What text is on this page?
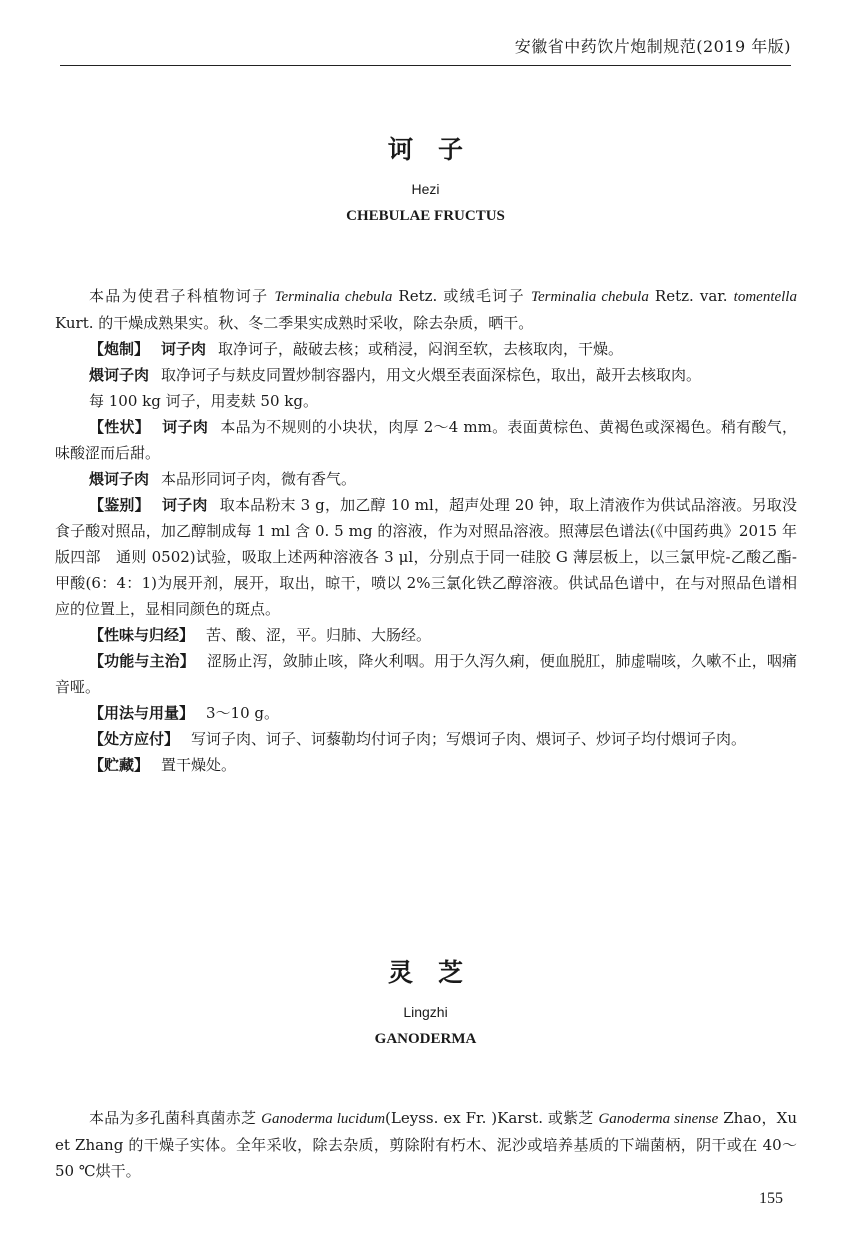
安徽省中药饮片炮制规范(2019 年版)
诃　子
Hezi
CHEBULAE FRUCTUS

本品为使君子科植物诃子 Terminalia chebula Retz. 或绒毛诃子 Terminalia chebula Retz. var. tomentella Kurt. 的干燥成熟果实。秋、冬二季果实成熟时采收，除去杂质，晒干。

【炮制】 诃子肉 取净诃子，敲破去核；或稍浸，闷润至软，去核取肉，干燥。

煨诃子肉 取净诃子与麸皮同置炒制容器内，用文火煨至表面深棕色，取出，敲开去核取肉。

每 100 kg 诃子，用麦麸 50 kg。

【性状】 诃子肉 本品为不规则的小块状，肉厚 2～4 mm。表面黄棕色、黄褐色或深褐色。稍有酸气，味酸涩而后甜。

煨诃子肉 本品形同诃子肉，微有香气。

【鉴别】 诃子肉 取本品粉末 3 g，加乙醇 10 ml，超声处理 20 钟，取上清液作为供试品溶液。另取没食子酸对照品，加乙醇制成每 1 ml 含 0. 5 mg 的溶液，作为对照品溶液。照薄层色谱法(《中国药典》2015 年版四部　通则 0502)试验，吸取上述两种溶液各 3 μl，分别点于同一硅胶 G 薄层板上，以三氯甲烷-乙酸乙酯-甲酸(6：4：1)为展开剂，展开，取出，晾干，喷以 2%三氯化铁乙醇溶液。供试品色谱中，在与对照品色谱相应的位置上，显相同颜色的斑点。

【性味与归经】 苦、酸、涩，平。归肺、大肠经。

【功能与主治】 涩肠止泻，敛肺止咳，降火利咽。用于久泻久痢，便血脱肛，肺虚喘咳，久嗽不止，咽痛音哑。

【用法与用量】 3～10 g。

【处方应付】 写诃子肉、诃子、诃藜勒均付诃子肉；写煨诃子肉、煨诃子、炒诃子均付煨诃子肉。

【贮藏】 置干燥处。

灵　芝
Lingzhi
GANODERMA

本品为多孔菌科真菌赤芝 Ganoderma lucidum(Leyss. ex Fr. )Karst. 或紫芝 Ganoderma sinense Zhao，Xu et Zhang 的干燥子实体。全年采收，除去杂质，剪除附有朽木、泥沙或培养基质的下端菌柄，阴干或在 40～50 ℃烘干。

155
